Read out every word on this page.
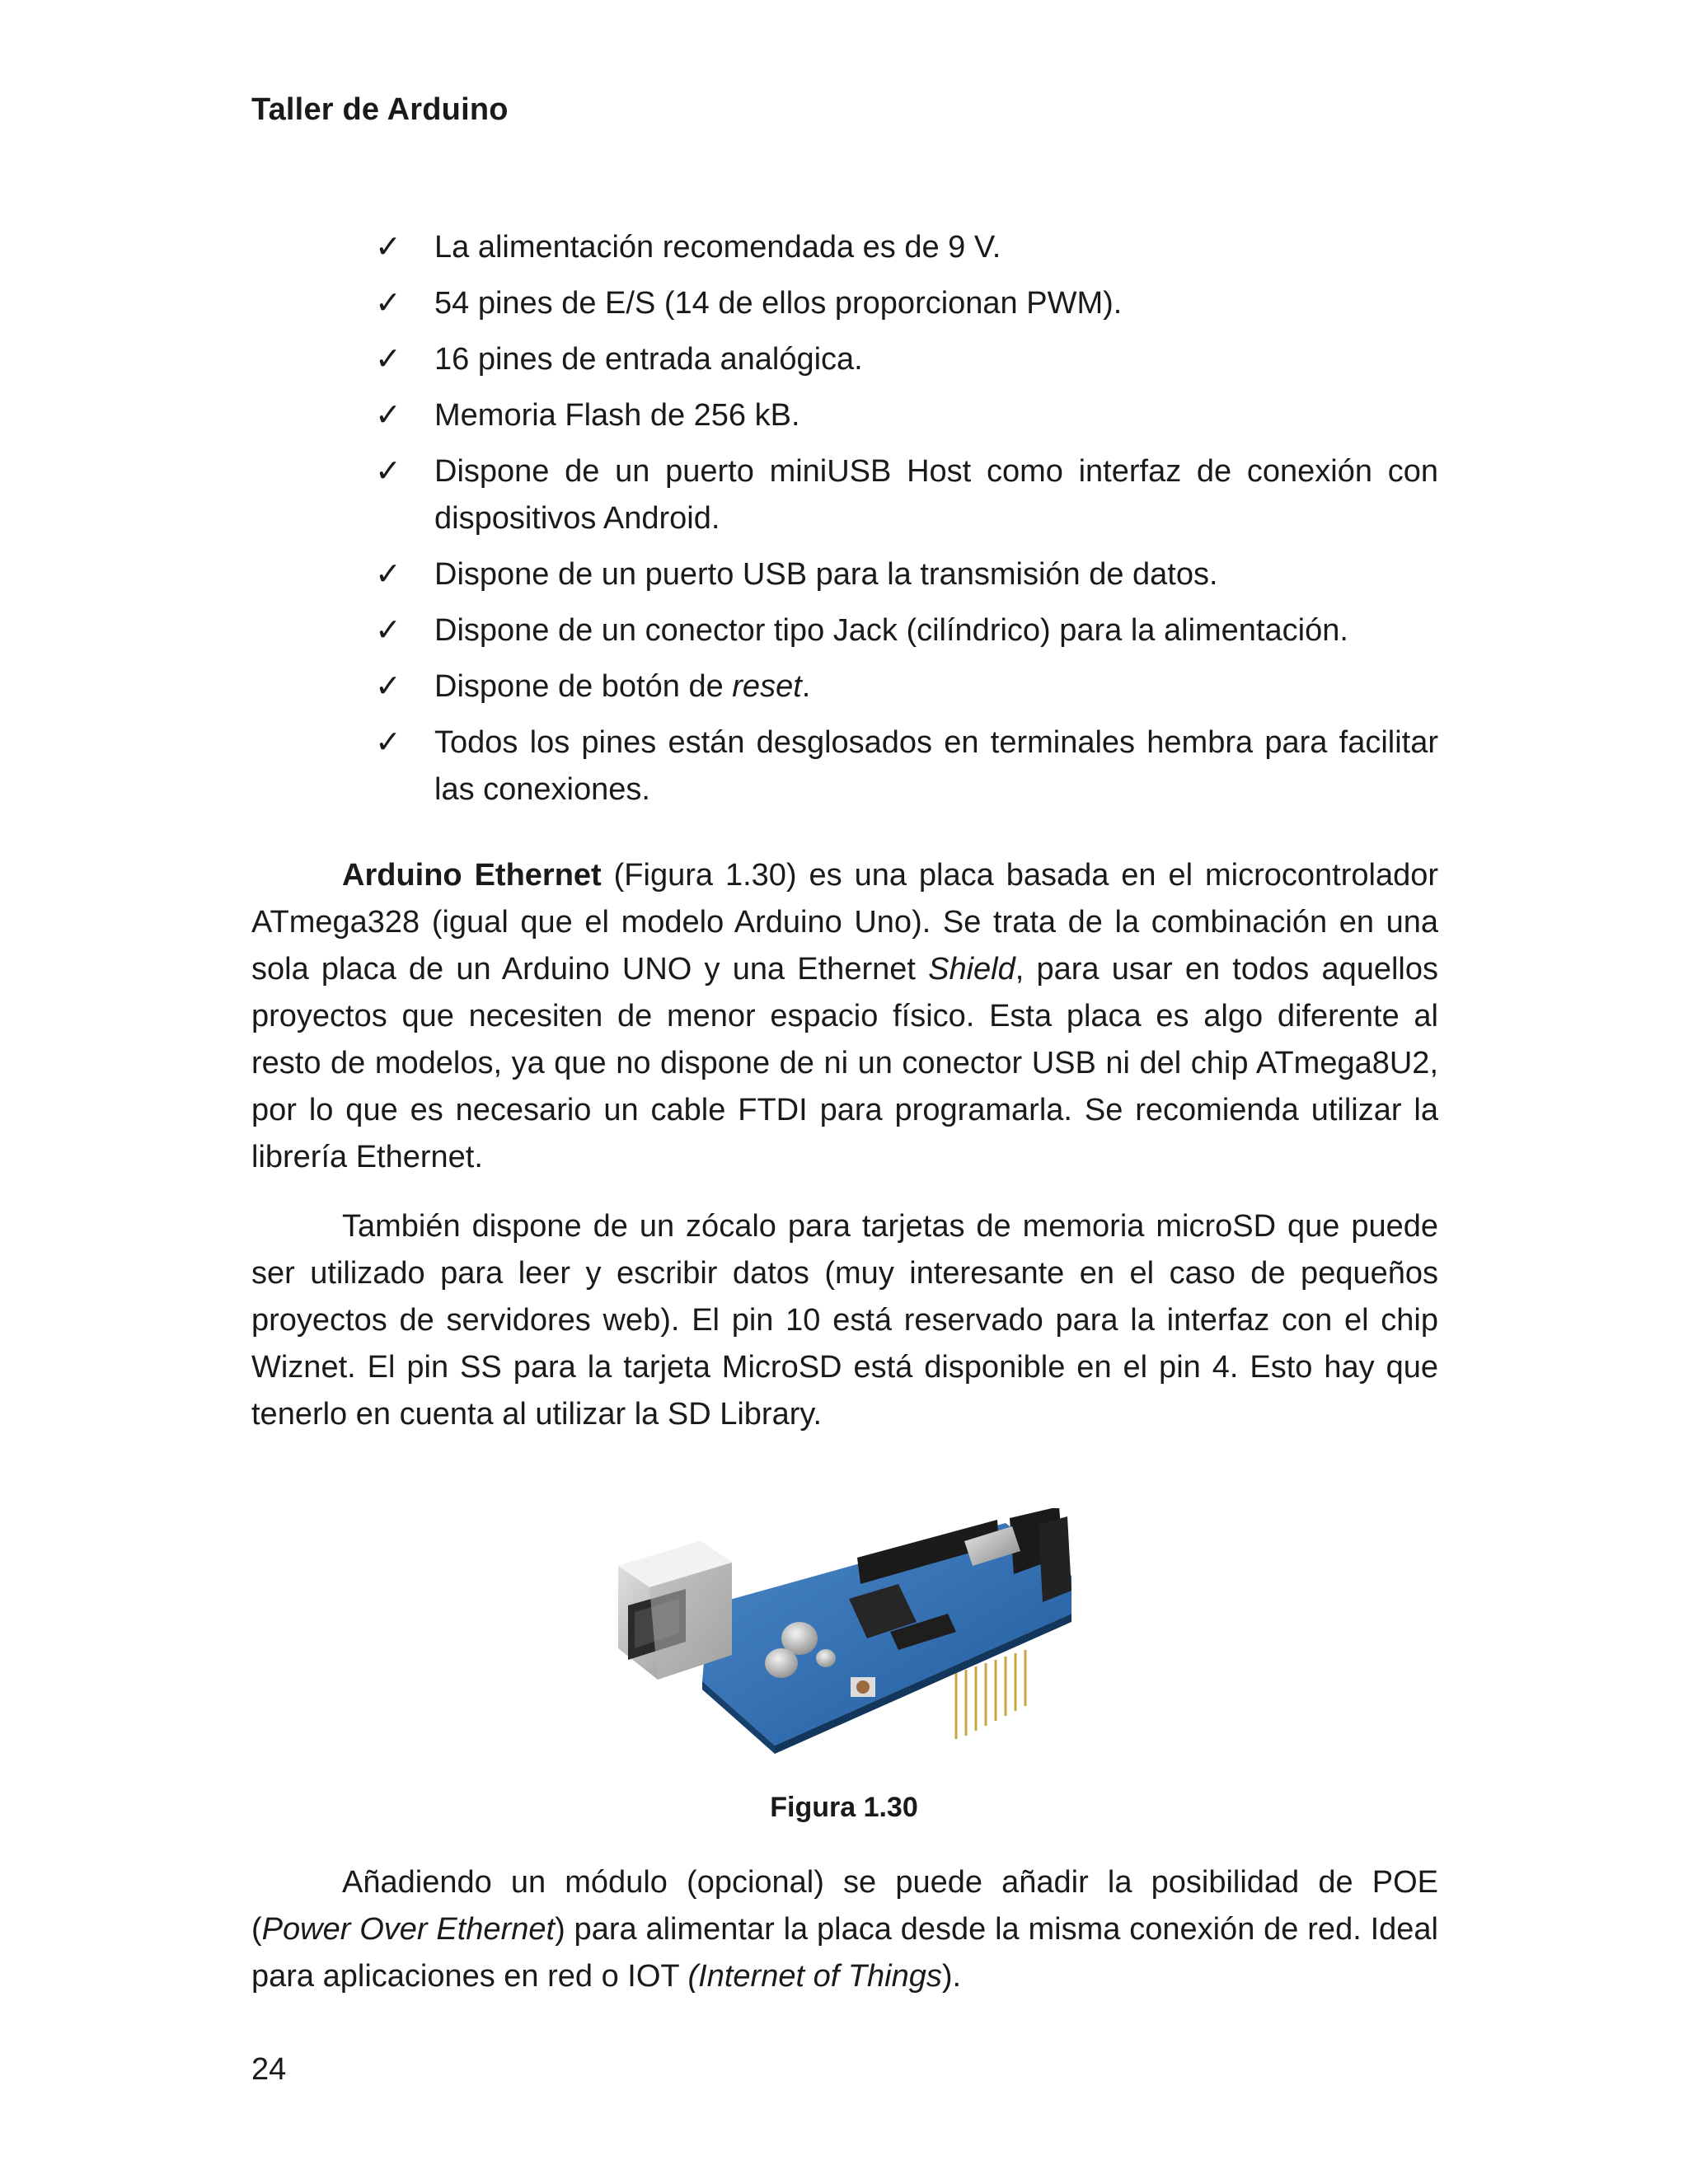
Taller de Arduino
✓ La alimentación recomendada es de 9 V.
✓ 54 pines de E/S (14 de ellos proporcionan PWM).
✓ 16 pines de entrada analógica.
✓ Memoria Flash de 256 kB.
✓ Dispone de un puerto miniUSB Host como interfaz de conexión con dispositivos Android.
✓ Dispone de un puerto USB para la transmisión de datos.
✓ Dispone de un conector tipo Jack (cilíndrico) para la alimentación.
✓ Dispone de botón de reset.
✓ Todos los pines están desglosados en terminales hembra para facilitar las conexiones.

Arduino Ethernet (Figura 1.30) es una placa basada en el microcontrolador ATmega328 (igual que el modelo Arduino Uno). Se trata de la combinación en una sola placa de un Arduino UNO y una Ethernet Shield, para usar en todos aquellos proyectos que necesiten de menor espacio físico. Esta placa es algo diferente al resto de modelos, ya que no dispone de ni un conector USB ni del chip ATmega8U2, por lo que es necesario un cable FTDI para programarla. Se recomienda utilizar la librería Ethernet.

También dispone de un zócalo para tarjetas de memoria microSD que puede ser utilizado para leer y escribir datos (muy interesante en el caso de pequeños proyectos de servidores web). El pin 10 está reservado para la interfaz con el chip Wiznet. El pin SS para la tarjeta MicroSD está disponible en el pin 4. Esto hay que tenerlo en cuenta al utilizar la SD Library.

Figura 1.30

Añadiendo un módulo (opcional) se puede añadir la posibilidad de POE (Power Over Ethernet) para alimentar la placa desde la misma conexión de red. Ideal para aplicaciones en red o IOT (Internet of Things).

24
